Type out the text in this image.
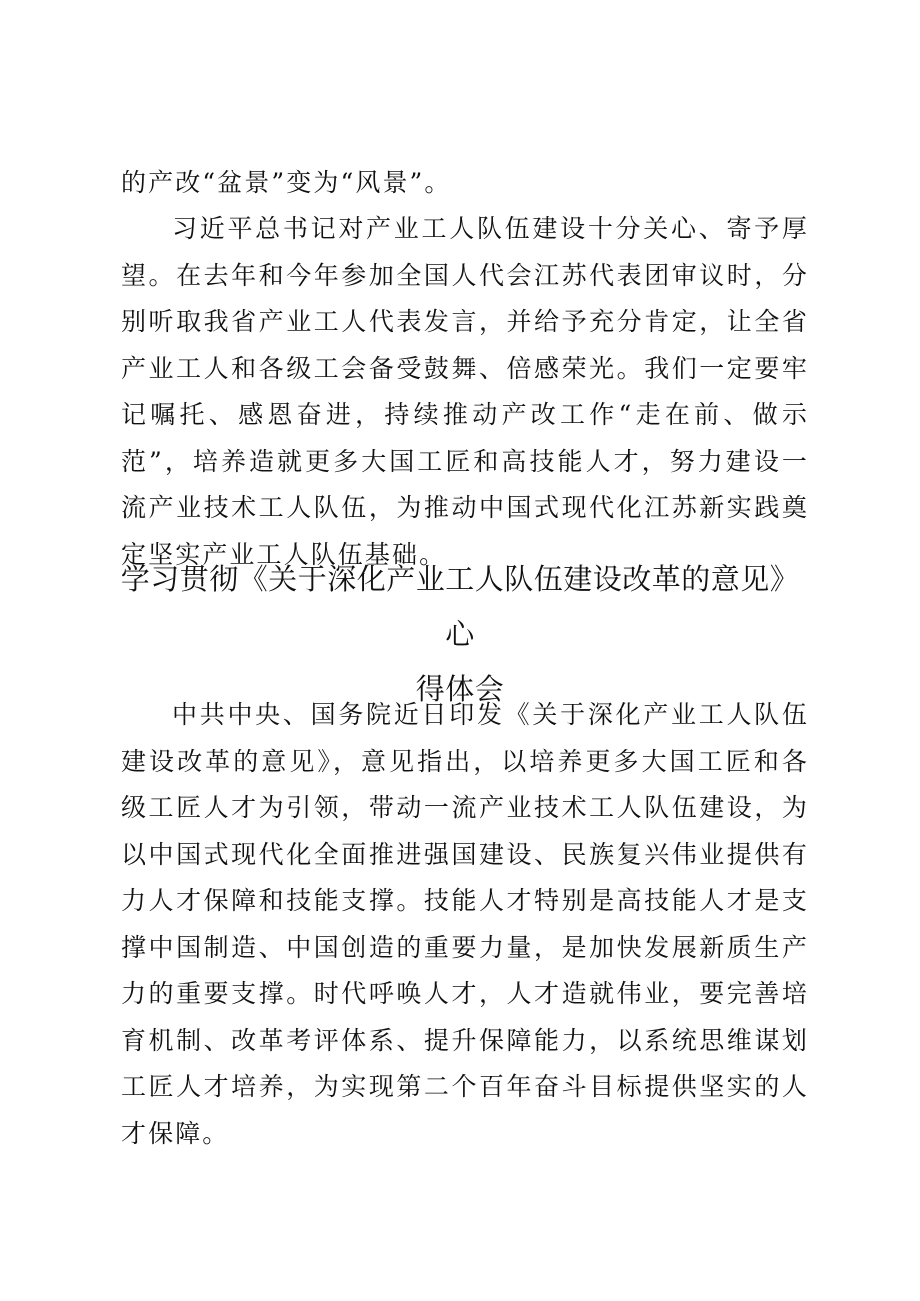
的产改“盆景”变为“风景”。

习近平总书记对产业工人队伍建设十分关心、寄予厚望。在去年和今年参加全国人代会江苏代表团审议时，分别听取我省产业工人代表发言，并给予充分肯定，让全省产业工人和各级工会备受鼓舞、倍感荣光。我们一定要牢记嘱托、感恩奋进，持续推动产改工作“走在前、做示范”，培养造就更多大国工匠和高技能人才，努力建设一流产业技术工人队伍，为推动中国式现代化江苏新实践奠定坚实产业工人队伍基础。

学习贯彻《关于深化产业工人队伍建设改革的意见》心
得体会

中共中央、国务院近日印发《关于深化产业工人队伍建设改革的意见》，意见指出，以培养更多大国工匠和各级工匠人才为引领，带动一流产业技术工人队伍建设，为以中国式现代化全面推进强国建设、民族复兴伟业提供有力人才保障和技能支撑。技能人才特别是高技能人才是支撑中国制造、中国创造的重要力量，是加快发展新质生产力的重要支撑。时代呼唤人才，人才造就伟业，要完善培育机制、改革考评体系、提升保障能力，以系统思维谋划工匠人才培养，为实现第二个百年奋斗目标提供坚实的人才保障。
